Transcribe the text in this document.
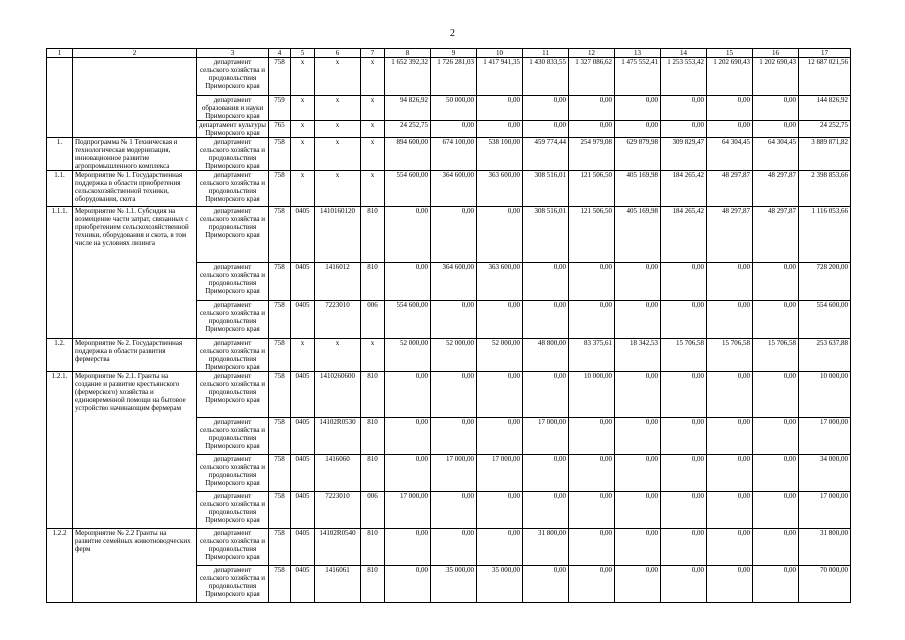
2
1	2	3	4	5	6	7	8	9	10	11	12	13	14	15	16	17
		департамент сельского хозяйства и продовольствия Приморского края	758	х	х	х	1 652 392,32	1 726 281,03	1 417 941,35	1 430 833,55	1 327 086,62	1 475 552,41	1 253 553,42	1 202 690,43	1 202 690,43	12 687 021,56
		департамент образования и науки Приморского края	759	х	х	х	94 826,92	50 000,00	0,00	0,00	0,00	0,00	0,00	0,00	0,00	144 826,92
		департамент культуры Приморского края	765	х	х	х	24 252,75	0,00	0,00	0,00	0,00	0,00	0,00	0,00	0,00	24 252,75
1.	Подпрограмма № 1 Техническая и технологическая модернизация, инновационное развитие агропромышленного комплекса	департамент сельского хозяйства и продовольствия Приморского края	758	х	х	х	894 600,00	674 100,00	538 100,00	459 774,44	254 979,08	629 879,98	309 829,47	64 304,45	64 304,45	3 889 871,82
1.1.	Мероприятие № 1. Государственная поддержка в области приобретения сельскохозяйственной техники, оборудования, скота	департамент сельского хозяйства и продовольствия Приморского края	758	х	х	х	554 600,00	364 600,00	363 600,00	308 516,01	121 506,50	405 169,98	184 265,42	48 297,87	48 297,87	2 398 853,66
1.1.1.	Мероприятие № 1.1. Субсидия на возмещение части затрат, связанных с приобретением сельскохозяйственной техники, оборудования и скота, в том числе на условиях лизинга	департамент сельского хозяйства и продовольствия Приморского края	758	0405	1410160120	810	0,00	0,00	0,00	308 516,01	121 506,50	405 169,98	184 265,42	48 297,87	48 297,87	1 116 053,66
		департамент сельского хозяйства и продовольствия Приморского края	758	0405	1416012	810	0,00	364 600,00	363 600,00	0,00	0,00	0,00	0,00	0,00	0,00	728 200,00
		департамент сельского хозяйства и продовольствия Приморского края	758	0405	7223010	006	554 600,00	0,00	0,00	0,00	0,00	0,00	0,00	0,00	0,00	554 600,00
1.2.	Мероприятие № 2. Государственная поддержка в области развития фермерства	департамент сельского хозяйства и продовольствия Приморского края	758	х	х	х	52 000,00	52 000,00	52 000,00	48 800,00	83 375,61	18 342,53	15 706,58	15 706,58	15 706,58	253 637,88
1.2.1.	Мероприятие № 2.1. Гранты на создание и развитие крестьянского (фермерского) хозяйства и единовременной помощи на бытовое устройство начинающим фермерам	департамент сельского хозяйства и продовольствия Приморского края	758	0405	1410260600	810	0,00	0,00	0,00	0,00	10 000,00	0,00	0,00	0,00	0,00	10 000,00
		департамент сельского хозяйства и продовольствия Приморского края	758	0405	14102R0530	810	0,00	0,00	0,00	17 000,00	0,00	0,00	0,00	0,00	0,00	17 000,00
		департамент сельского хозяйства и продовольствия Приморского края	758	0405	1416060	810	0,00	17 000,00	17 000,00	0,00	0,00	0,00	0,00	0,00	0,00	34 000,00
		департамент сельского хозяйства и продовольствия Приморского края	758	0405	7223010	006	17 000,00	0,00	0,00	0,00	0,00	0,00	0,00	0,00	0,00	17 000,00
1.2.2	Мероприятие № 2.2 Гранты на развитие семейных животноводческих ферм	департамент сельского хозяйства и продовольствия Приморского края	758	0405	14102R0540	810	0,00	0,00	0,00	31 800,00	0,00	0,00	0,00	0,00	0,00	31 800,00
		департамент сельского хозяйства и продовольствия Приморского края	758	0405	1416061	810	0,00	35 000,00	35 000,00	0,00	0,00	0,00	0,00	0,00	0,00	70 000,00
